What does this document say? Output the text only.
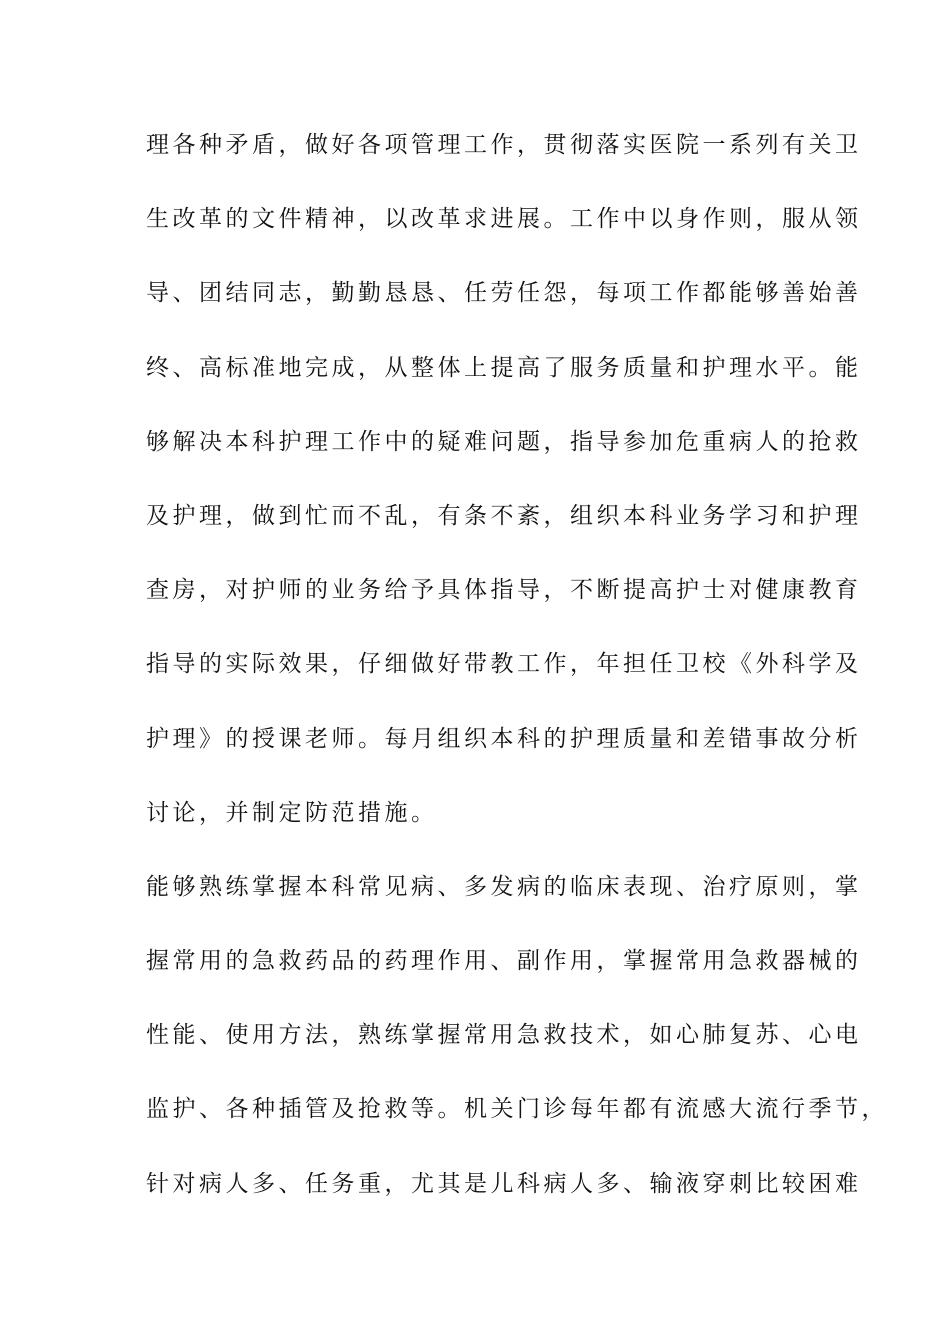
理各种矛盾，做好各项管理工作，贯彻落实医院一系列有关卫
生改革的文件精神，以改革求进展。工作中以身作则，服从领
导、团结同志，勤勤恳恳、任劳任怨，每项工作都能够善始善
终、高标准地完成，从整体上提高了服务质量和护理水平。能
够解决本科护理工作中的疑难问题，指导参加危重病人的抢救
及护理，做到忙而不乱，有条不紊，组织本科业务学习和护理
查房，对护师的业务给予具体指导，不断提高护士对健康教育
指导的实际效果，仔细做好带教工作，年担任卫校《外科学及
护理》的授课老师。每月组织本科的护理质量和差错事故分析
讨论，并制定防范措施。
能够熟练掌握本科常见病、多发病的临床表现、治疗原则，掌
握常用的急救药品的药理作用、副作用，掌握常用急救器械的
性能、使用方法，熟练掌握常用急救技术，如心肺复苏、心电
监护、各种插管及抢救等。机关门诊每年都有流感大流行季节，
针对病人多、任务重，尤其是儿科病人多、输液穿刺比较困难
